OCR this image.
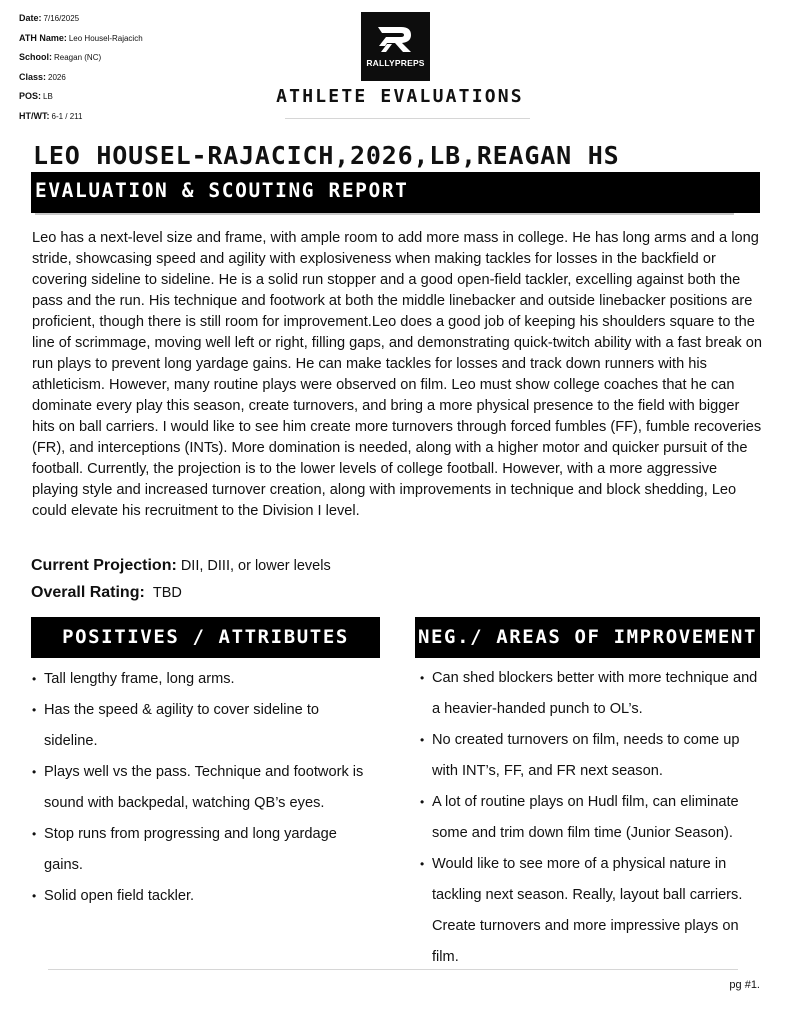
Date: 7/16/2025
ATH Name: Leo Housel-Rajacich
School: Reagan (NC)
Class: 2026
POS: LB
HT/WT: 6-1 / 211
RALLYPREPS
ATHLETE EVALUATIONS
LEO HOUSEL-RAJACICH,2026,LB,REAGAN HS
EVALUATION & SCOUTING REPORT

Leo has a next-level size and frame, with ample room to add more mass in college. He has long arms and a long stride, showcasing speed and agility with explosiveness when making tackles for losses in the backfield or covering sideline to sideline. He is a solid run stopper and a good open-field tackler, excelling against both the pass and the run. His technique and footwork at both the middle linebacker and outside linebacker positions are proficient, though there is still room for improvement.Leo does a good job of keeping his shoulders square to the line of scrimmage, moving well left or right, filling gaps, and demonstrating quick-twitch ability with a fast break on run plays to prevent long yardage gains. He can make tackles for losses and track down runners with his athleticism. However, many routine plays were observed on film. Leo must show college coaches that he can dominate every play this season, create turnovers, and bring a more physical presence to the field with bigger hits on ball carriers. I would like to see him create more turnovers through forced fumbles (FF), fumble recoveries (FR), and interceptions (INTs). More domination is needed, along with a higher motor and quicker pursuit of the football. Currently, the projection is to the lower levels of college football. However, with a more aggressive playing style and increased turnover creation, along with improvements in technique and block shedding, Leo could elevate his recruitment to the Division I level.

Current Projection: DII, DIII, or lower levels
Overall Rating: TBD
POSITIVES / ATTRIBUTES	NEG./ AREAS OF IMPROVEMENT
• Tall lengthy frame, long arms.
• Has the speed & agility to cover sideline to sideline.
• Plays well vs the pass. Technique and footwork is sound with backpedal, watching QB’s eyes.
• Stop runs from progressing and long yardage gains.
• Solid open field tackler.
• Can shed blockers better with more technique and a heavier-handed punch to OL’s.
• No created turnovers on film, needs to come up with INT’s, FF, and FR next season.
• A lot of routine plays on Hudl film, can eliminate some and trim down film time (Junior Season).
• Would like to see more of a physical nature in tackling next season. Really, layout ball carriers. Create turnovers and more impressive plays on film.
pg #1.
